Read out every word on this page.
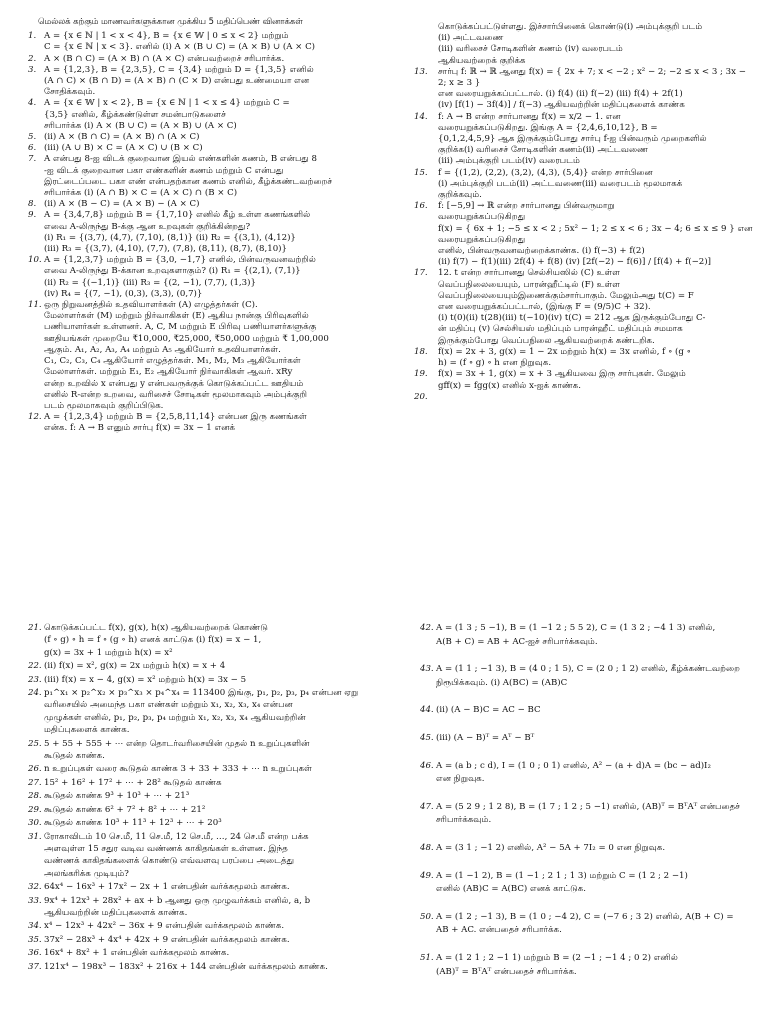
மெல்லக் கற்கும் மாணவர்களுக்கான முக்கிய 5 மதிப்பெண் வினாக்கள்
1. A = {x ∈ ℕ | 1 < x < 4}, B = {x ∈ 𝕎 | 0 ≤ x < 2} மற்றும்
C = {x ∈ ℕ | x < 3}. எனில் (i) A × (B ∪ C) = (A × B) ∪ (A × C)
2. A × (B ∩ C) = (A × B) ∩ (A × C) என்பவற்றைச் சரிபார்க்க.
3. A = {1,2,3}, B = {2,3,5}, C = {3,4} மற்றும் D = {1,3,5} எனில்
(A ∩ C) × (B ∩ D) = (A × B) ∩ (C × D) என்பது உண்மையா என
சோதிக்கவும்.
4. A = {x ∈ 𝕎 | x < 2}, B = {x ∈ ℕ | 1 < x ≤ 4} மற்றும் C =
{3,5} எனில், கீழ்க்கண்டுள்ள சமன்பாடுகளைச்
சரிபார்க்க (i) A × (B ∪ C) = (A × B) ∪ (A × C)
5. (ii) A × (B ∩ C) = (A × B) ∩ (A × C)
6. (iii) (A ∪ B) × C = (A × C) ∪ (B × C)
7. A என்பது 8-ஐ விடக் குறைவான இயல் எண்களின் கணம், B என்பது 8
-ஐ விடக் குறைவான பகா எண்களின் கணம் மற்றும் C என்பது
இரட்டைப்படை பகா எண் என்பதற்கான கணம் எனில், கீழ்க்கண்டவற்றைச்
சரிபார்க்க (i) (A ∩ B) × C = (A × C) ∩ (B × C)
8. (ii) A × (B − C) = (A × B) − (A × C)
9. A = {3,4,7,8} மற்றும் B = {1,7,10} எனில் கீழ் உள்ள கணங்களில்
எவை A-லிருந்து B-க்கு ஆன உறவுகள் குறிக்கின்றது?
(i) R₁ = {(3,7), (4,7), (7,10), (8,1)} (ii) R₂ = {(3,1), (4,12)}
(iii) R₃ = {(3,7), (4,10), (7,7), (7,8), (8,11), (8,7), (8,10)}
10. A = {1,2,3,7} மற்றும் B = {3,0, −1,7} எனில், பின்வருவனவற்றில்
எவை A-லிருந்து B-க்கான உறவுகளாகும்? (i) R₁ = {(2,1), (7,1)}
(ii) R₂ = {(−1,1)} (iii) R₃ = {(2, −1), (7,7), (1,3)}
(iv) R₄ = {(7, −1), (0,3), (3,3), (0,7)}
11. ஒரு நிறுவனத்தில் உதவியாளர்கள் (A) எழுத்தர்கள் (C).
மேலாளர்கள் (M) மற்றும் நிர்வாகிகள் (E) ஆகிய நான்கு பிரிவுகளில்
பணியாளர்கள் உள்ளனர். A, C, M மற்றும் E பிரிவு பணியாளர்களுக்கு
ஊதியங்கள் முறையே ₹10,000, ₹25,000, ₹50,000 மற்றும் ₹ 1,00,000
ஆகும். A₁, A₂, A₃, A₄ மற்றும் A₅ ஆகியோர் உதவியாளர்கள்.
C₁, C₂, C₃, C₄ ஆகியோர் எழுத்தர்கள். M₁, M₂, M₃ ஆகியோர்கள்
மேலாளர்கள். மற்றும் E₁, E₂ ஆகியோர் நிர்வாகிகள் ஆவர். xRy
என்ற உறவில் x என்பது y என்பவருக்குக் கொடுக்கப்பட்ட ஊதியம்
எனில் R-என்ற உறவை, வரிசைச் சோடிகள் மூலமாகவும் அம்புக்குறி
படம் மூலமாகவும் குறிப்பிடுக.
12. A = {1,2,3,4} மற்றும் B = {2,5,8,11,14} என்பன இரு கணங்கள்
என்க. f: A → B எனும் சார்பு f(x) = 3x − 1 எனக்
கொடுக்கப்பட்டுள்ளது. இச்சார்பினைக் கொண்டு(i) அம்புக்குறி படம்
(ii) அட்டவணை
(iii) வரிசைச் சோடிகளின் கணம் (iv) வரைபடம்
ஆகியவற்றைக் குறிக்க
13. சார்பு f: ℝ → ℝ ஆனது f(x) = { 2x + 7; x < −2 ; x² − 2; −2 ≤ x < 3 ; 3x − 2; x ≥ 3 }
என வரையறுக்கப்பட்டால். (i) f(4) (ii) f(−2) (iii) f(4) + 2f(1)
(iv) [f(1) − 3f(4)] / f(−3) ஆகியவற்றின் மதிப்புகளைக் காண்க
14. f: A → B என்ற சார்பானது f(x) = x/2 − 1. என
வரையறுக்கப்படுகிறது. இங்கு A = {2,4,6,10,12}, B =
{0,1,2,4,5,9} ஆக இருக்கும்போது சார்பு f-ஐ பின்வரும் முறைகளில்
குறிக்க(i) வரிசைச் சோடிகளின் கணம்(ii) அட்டவணை
(iii) அம்புக்குறி படம்(iv) வரைபடம்
15. f = {(1,2), (2,2), (3,2), (4,3), (5,4)} என்ற சார்பினை
(i) அம்புக்குறி படம்(ii) அட்டவணை(iii) வரைபடம் மூலமாகக்
குறிக்கவும்.
16. f: [−5,9] → ℝ என்ற சார்பானது பின்வருமாறு
வரையறுக்கப்படுகிறது
f(x) = { 6x + 1; −5 ≤ x < 2 ; 5x² − 1; 2 ≤ x < 6 ; 3x − 4; 6 ≤ x ≤ 9 } என வரையறுக்கப்படுகிறது
எனில், பின்வருவனவற்றைக்காண்க. (i) f(−3) + f(2)
(ii) f(7) − f(1)(iii) 2f(4) + f(8) (iv) [2f(−2) − f(6)] / [f(4) + f(−2)]
17. 12. t என்ற சார்பானது செல்சியஸில் (C) உள்ள
வெப்பநிலையையும், பாரன்ஹீட்டில் (F) உள்ள
வெப்பநிலையையும்இணைக்கும்சார்பாகும். மேலும்அது t(C) = F
என வரையறுக்கப்பட்டால், (இங்கு F = (9/5)C + 32).
(i) t(0)(ii) t(28)(iii) t(−10)(iv) t(C) = 212 ஆக இருக்கும்போது C-
ன் மதிப்பு (v) செல்சியஸ் மதிப்பும் பாரன்ஹீட் மதிப்பும் சமமாக
இருக்கும்போது வெப்பநிலை ஆகியவற்றைக் கண்டறிக.
18. f(x) = 2x + 3, g(x) = 1 − 2x மற்றும் h(x) = 3x எனில், f ∘ (g ∘
h) = (f ∘ g) ∘ h என நிறுவுக.
19. f(x) = 3x + 1, g(x) = x + 3 ஆகியவை இரு சார்புகள். மேலும்
gff(x) = fgg(x) எனில் x-ஐக் காண்க.
20.

21. கொடுக்கப்பட்ட f(x), g(x), h(x) ஆகியவற்றைக் கொண்டு
(f ∘ g) ∘ h = f ∘ (g ∘ h) எனக் காட்டுக (i) f(x) = x − 1,
g(x) = 3x + 1 மற்றும் h(x) = x²
22. (ii) f(x) = x², g(x) = 2x மற்றும் h(x) = x + 4
23. (iii) f(x) = x − 4, g(x) = x² மற்றும் h(x) = 3x − 5
24. p₁^x₁ × p₂^x₂ × p₃^x₃ × p₄^x₄ = 113400 இங்கு, p₁, p₂, p₃, p₄ என்பன ஏறு
வரிசையில் அமைந்த பகா எண்கள் மற்றும் x₁, x₂, x₃, x₄ என்பன
முழுக்கள் எனில், p₁, p₂, p₃, p₄ மற்றும் x₁, x₂, x₃, x₄ ஆகியவற்றின்
மதிப்புகளைக் காண்க.
25. 5 + 55 + 555 + ⋯ என்ற தொடர்வரிசையின் முதல் n உறுப்புகளின்
கூடுதல் காண்க.
26. n உறுப்புகள் வரை கூடுதல் காண்க 3 + 33 + 333 + ⋯ n உறுப்புகள்
27. 15² + 16² + 17² + ⋯ + 28² கூடுதல் காண்க
28. கூடுதல் காண்க 9³ + 10³ + ⋯ + 21³
29. கூடுதல் காண்க 6² + 7² + 8² + ⋯ + 21²
30. கூடுதல் காண்க 10³ + 11³ + 12³ + ⋯ + 20³
31. ரோகாவிடம் 10 செ.மீ, 11 செ.மீ, 12 செ.மீ, …, 24 செ.மீ என்ற பக்க
அளவுள்ள 15 சதுர வடிவ வண்ணக் காகிதங்கள் உள்ளன. இந்த
வண்ணக் காகிதங்களைக் கொண்டு எவ்வளவு பரப்பை அடைத்து
அலங்கரிக்க முடியும்?
32. 64x⁴ − 16x³ + 17x² − 2x + 1 என்பதின் வர்க்கமூலம் காண்க.
33. 9x⁴ + 12x³ + 28x² + ax + b ஆனது ஒரு முழுவர்க்கம் எனில், a, b
ஆகியவற்றின் மதிப்புகளைக் காண்க.
34. x⁴ − 12x³ + 42x² − 36x + 9 என்பதின் வர்க்கமூலம் காண்க.
35. 37x² − 28x³ + 4x⁴ + 42x + 9 என்பதின் வர்க்கமூலம் காண்க.
36. 16x⁴ + 8x² + 1 என்பதின் வர்க்கமூலம் காண்க.
37. 121x⁴ − 198x³ − 183x² + 216x + 144 என்பதின் வர்க்கமூலம் காண்க.
42. A = (1 3 ; 5 −1), B = (1 −1 2 ; 5 5 2), C = (1 3 2 ; −4 1 3) எனில்,
A(B + C) = AB + AC-ஐச் சரிபார்க்கவும்.
43. A = (1 1 ; −1 3), B = (4 0 ; 1 5), C = (2 0 ; 1 2) எனில், கீழ்க்கண்டவற்றை
நிரூபிக்கவும். (i) A(BC) = (AB)C
44. (ii) (A − B)C = AC − BC
45. (iii) (A − B)ᵀ = Aᵀ − Bᵀ
46. A = (a b ; c d), I = (1 0 ; 0 1) எனில், A² − (a + d)A = (bc − ad)I₂
என நிறுவுக.
47. A = (5 2 9 ; 1 2 8), B = (1 7 ; 1 2 ; 5 −1) எனில், (AB)ᵀ = BᵀAᵀ என்பதைச்
சரிபார்க்கவும்.
48. A = (3 1 ; −1 2) எனில், A² − 5A + 7I₂ = 0 என நிறுவுக.
49. A = (1 −1 2), B = (1 −1 ; 2 1 ; 1 3) மற்றும் C = (1 2 ; 2 −1)
எனில் (AB)C = A(BC) எனக் காட்டுக.
50. A = (1 2 ; −1 3), B = (1 0 ; −4 2), C = (−7 6 ; 3 2) எனில், A(B + C) =
AB + AC. என்பதைச் சரிபார்க்க.
51. A = (1 2 1 ; 2 −1 1) மற்றும் B = (2 −1 ; −1 4 ; 0 2) எனில்
(AB)ᵀ = BᵀAᵀ என்பதைச் சரிபார்க்க.
